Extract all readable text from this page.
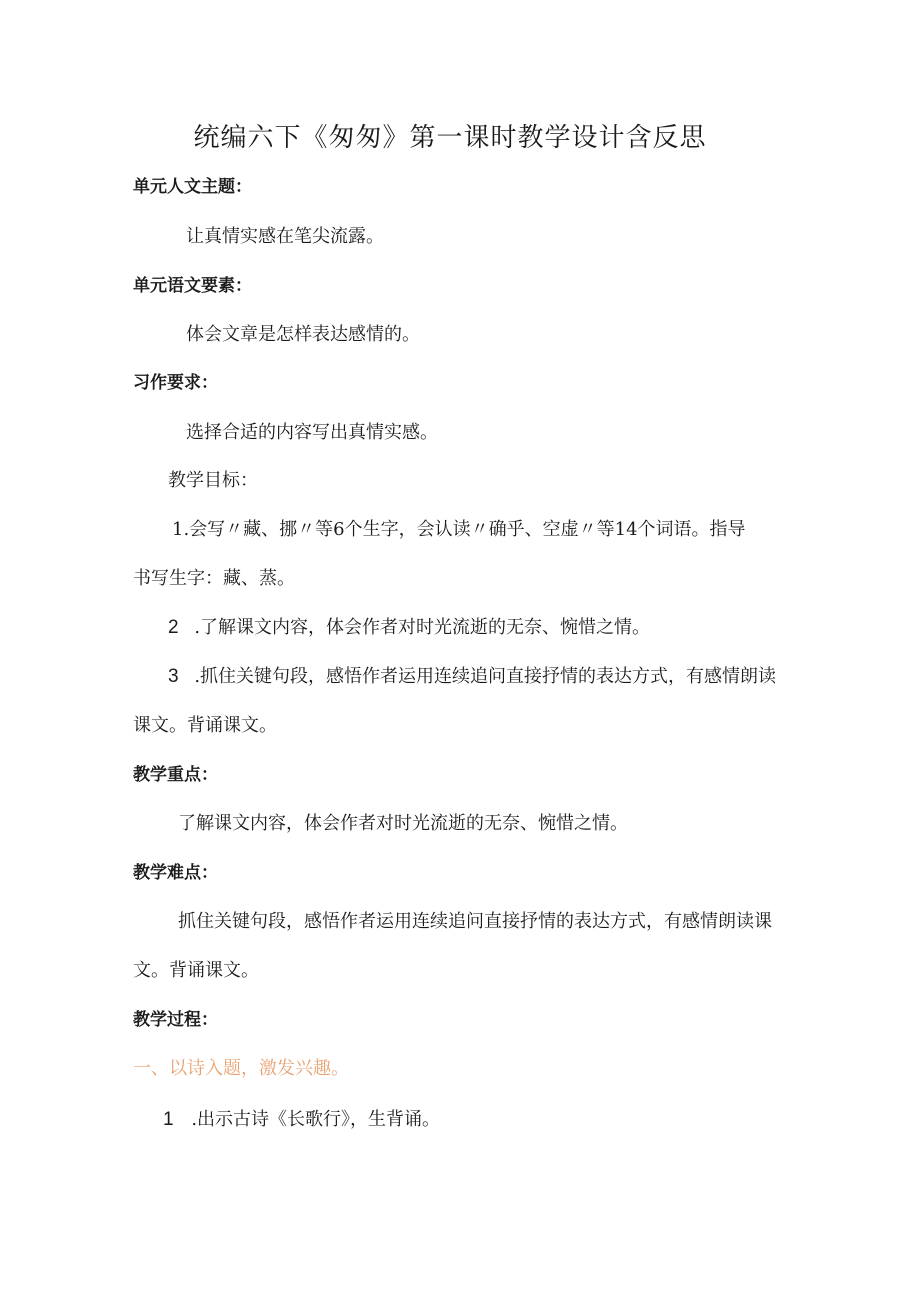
统编六下《匆匆》第一课时教学设计含反思
单元人文主题：
让真情实感在笔尖流露。
单元语文要素：
体会文章是怎样表达感情的。
习作要求：
选择合适的内容写出真情实感。
教学目标：
1.会写〃藏、挪〃等6个生字，会认读〃确乎、空虚〃等14个词语。指导
书写生字：藏、蒸。
2 .了解课文内容，体会作者对时光流逝的无奈、惋惜之情。
3 .抓住关键句段，感悟作者运用连续追问直接抒情的表达方式，有感情朗读
课文。背诵课文。
教学重点：
了解课文内容，体会作者对时光流逝的无奈、惋惜之情。
教学难点：
抓住关键句段，感悟作者运用连续追问直接抒情的表达方式，有感情朗读课
文。背诵课文。
教学过程：
一、以诗入题，激发兴趣。
1 .出示古诗《长歌行》，生背诵。
